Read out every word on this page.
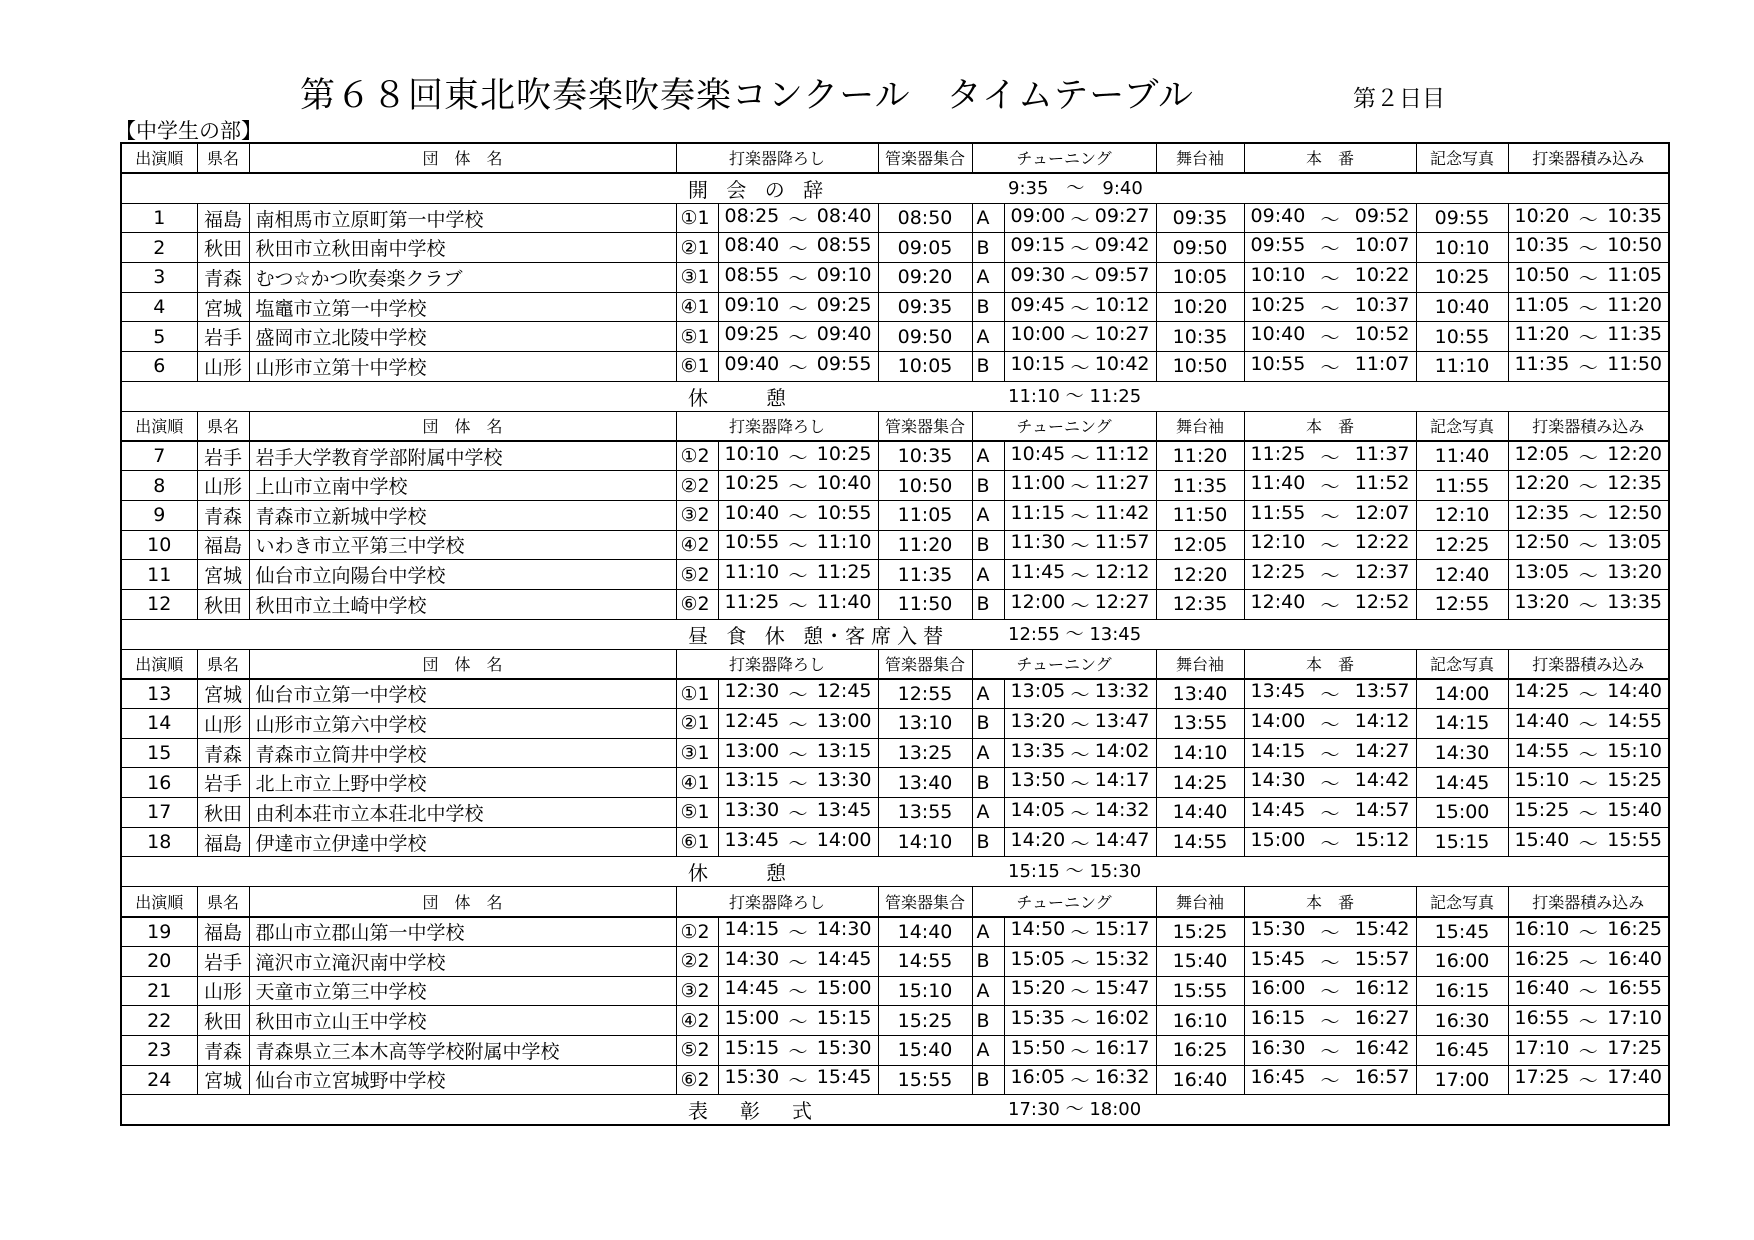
第６８回東北吹奏楽吹奏楽コンクール　タイムテーブル	第２日目
【中学生の部】
出演順	県名	団　体　名	打楽器降ろし		管楽器集合	チューニング		舞台袖	本　番	記念写真	打楽器積み込み

開 会 の 辞 9:35　～　9:40											

1	福島	南相馬市立原町第一中学校	①1	08:25 ～ 08:40	08:50	A	09:00 ～ 09:27	09:35	09:40 ～ 09:52	09:55	10:20 ～ 10:35

2	秋田	秋田市立秋田南中学校	②1	08:40 ～ 08:55	09:05	B	09:15 ～ 09:42	09:50	09:55 ～ 10:07	10:10	10:35 ～ 10:50

3	青森	むつ☆かつ吹奏楽クラブ	③1	08:55 ～ 09:10	09:20	A	09:30 ～ 09:57	10:05	10:10 ～ 10:22	10:25	10:50 ～ 11:05

4	宮城	塩竈市立第一中学校	④1	09:10 ～ 09:25	09:35	B	09:45 ～ 10:12	10:20	10:25 ～ 10:37	10:40	11:05 ～ 11:20

5	岩手	盛岡市立北陵中学校	⑤1	09:25 ～ 09:40	09:50	A	10:00 ～ 10:27	10:35	10:40 ～ 10:52	10:55	11:20 ～ 11:35

6	山形	山形市立第十中学校	⑥1	09:40 ～ 09:55	10:05	B	10:15 ～ 10:42	10:50	10:55 ～ 11:07	11:10	11:35 ～ 11:50

休　　憩 11:10 ～ 11:25											

出演順	県名	団　体　名	打楽器降ろし		管楽器集合	チューニング		舞台袖	本　番	記念写真	打楽器積み込み
7	岩手	岩手大学教育学部附属中学校	①2	10:10 ～ 10:25	10:35	A	10:45 ～ 11:12	11:20	11:25 ～ 11:37	11:40	12:05 ～ 12:20

8	山形	上山市立南中学校	②2	10:25 ～ 10:40	10:50	B	11:00 ～ 11:27	11:35	11:40 ～ 11:52	11:55	12:20 ～ 12:35

9	青森	青森市立新城中学校	③2	10:40 ～ 10:55	11:05	A	11:15 ～ 11:42	11:50	11:55 ～ 12:07	12:10	12:35 ～ 12:50

10	福島	いわき市立平第三中学校	④2	10:55 ～ 11:10	11:20	B	11:30 ～ 11:57	12:05	12:10 ～ 12:22	12:25	12:50 ～ 13:05

11	宮城	仙台市立向陽台中学校	⑤2	11:10 ～ 11:25	11:35	A	11:45 ～ 12:12	12:20	12:25 ～ 12:37	12:40	13:05 ～ 13:20

12	秋田	秋田市立土崎中学校	⑥2	11:25 ～ 11:40	11:50	B	12:00 ～ 12:27	12:35	12:40 ～ 12:52	12:55	13:20 ～ 13:35

昼 食 休 憩･客席入替 12:55 ～ 13:45											

出演順	県名	団　体　名	打楽器降ろし		管楽器集合	チューニング		舞台袖	本　番	記念写真	打楽器積み込み
13	宮城	仙台市立第一中学校	①1	12:30 ～ 12:45	12:55	A	13:05 ～ 13:32	13:40	13:45 ～ 13:57	14:00	14:25 ～ 14:40

14	山形	山形市立第六中学校	②1	12:45 ～ 13:00	13:10	B	13:20 ～ 13:47	13:55	14:00 ～ 14:12	14:15	14:40 ～ 14:55

15	青森	青森市立筒井中学校	③1	13:00 ～ 13:15	13:25	A	13:35 ～ 14:02	14:10	14:15 ～ 14:27	14:30	14:55 ～ 15:10

16	岩手	北上市立上野中学校	④1	13:15 ～ 13:30	13:40	B	13:50 ～ 14:17	14:25	14:30 ～ 14:42	14:45	15:10 ～ 15:25

17	秋田	由利本荘市立本荘北中学校	⑤1	13:30 ～ 13:45	13:55	A	14:05 ～ 14:32	14:40	14:45 ～ 14:57	15:00	15:25 ～ 15:40

18	福島	伊達市立伊達中学校	⑥1	13:45 ～ 14:00	14:10	B	14:20 ～ 14:47	14:55	15:00 ～ 15:12	15:15	15:40 ～ 15:55

休　　憩 15:15 ～ 15:30											

出演順	県名	団　体　名	打楽器降ろし		管楽器集合	チューニング		舞台袖	本　番	記念写真	打楽器積み込み
19	福島	郡山市立郡山第一中学校	①2	14:15 ～ 14:30	14:40	A	14:50 ～ 15:17	15:25	15:30 ～ 15:42	15:45	16:10 ～ 16:25

20	岩手	滝沢市立滝沢南中学校	②2	14:30 ～ 14:45	14:55	B	15:05 ～ 15:32	15:40	15:45 ～ 15:57	16:00	16:25 ～ 16:40

21	山形	天童市立第三中学校	③2	14:45 ～ 15:00	15:10	A	15:20 ～ 15:47	15:55	16:00 ～ 16:12	16:15	16:40 ～ 16:55

22	秋田	秋田市立山王中学校	④2	15:00 ～ 15:15	15:25	B	15:35 ～ 16:02	16:10	16:15 ～ 16:27	16:30	16:55 ～ 17:10

23	青森	青森県立三本木高等学校附属中学校	⑤2	15:15 ～ 15:30	15:40	A	15:50 ～ 16:17	16:25	16:30 ～ 16:42	16:45	17:10 ～ 17:25

24	宮城	仙台市立宮城野中学校	⑥2	15:30 ～ 15:45	15:55	B	16:05 ～ 16:32	16:40	16:45 ～ 16:57	17:00	17:25 ～ 17:40

表　彰　式 17:30 ～ 18:00											
